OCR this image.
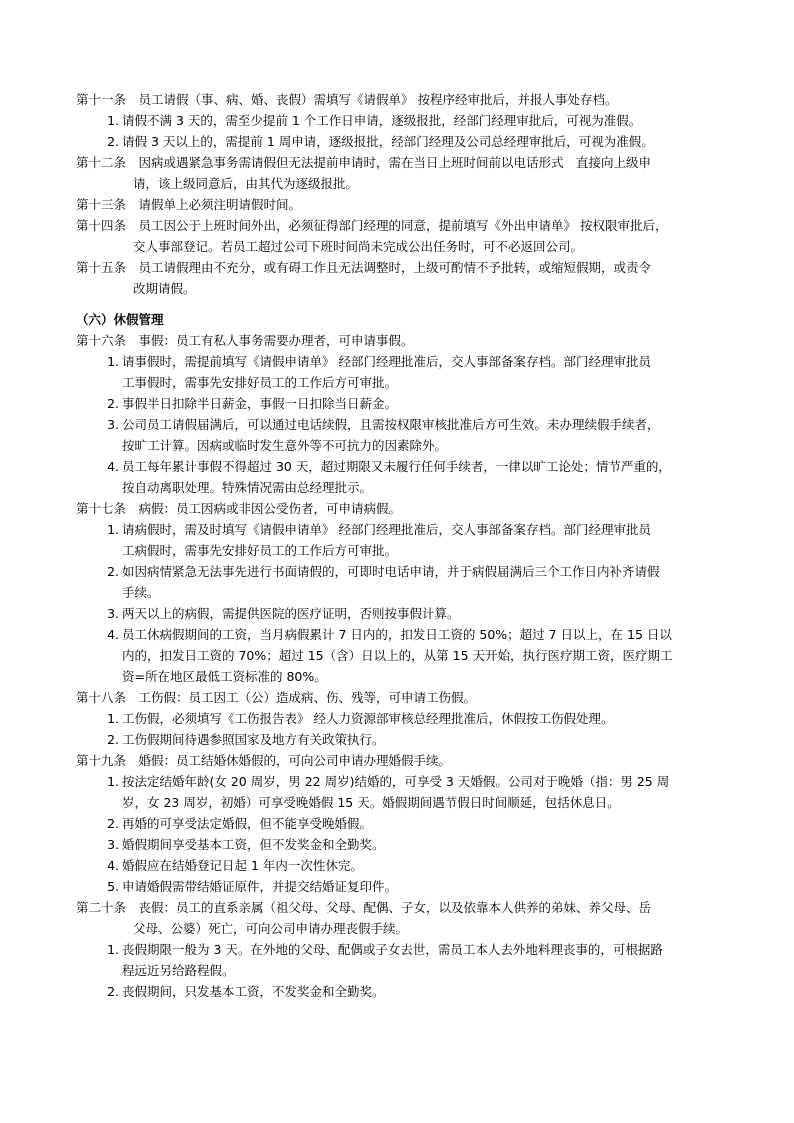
第十一条　员工请假（事、病、婚、丧假）需填写《请假单》 按程序经审批后，并报人事处存档。
1. 请假不满 3 天的，需至少提前 1 个工作日申请，逐级报批，经部门经理审批后，可视为准假。
2. 请假 3 天以上的，需提前 1 周申请，逐级报批，经部门经理及公司总经理审批后，可视为准假。
第十二条　因病或遇紧急事务需请假但无法提前申请时，需在当日上班时间前以电话形式　直接向上级申
请，该上级同意后，由其代为逐级报批。
第十三条　请假单上必须注明请假时间。
第十四条　员工因公于上班时间外出，必须征得部门经理的同意，提前填写《外出申请单》 按权限审批后，
交人事部登记。若员工超过公司下班时间尚未完成公出任务时，可不必返回公司。
第十五条　员工请假理由不充分，或有碍工作且无法调整时，上级可酌情不予批转，或缩短假期，或责令
改期请假。
（六）休假管理
第十六条　事假：员工有私人事务需要办理者，可申请事假。
1. 请事假时，需提前填写《请假申请单》 经部门经理批准后，交人事部备案存档。部门经理审批员
工事假时，需事先安排好员工的工作后方可审批。
2. 事假半日扣除半日薪金，事假一日扣除当日薪金。
3. 公司员工请假届满后，可以通过电话续假，且需按权限审核批准后方可生效。未办理续假手续者，
按旷工计算。因病或临时发生意外等不可抗力的因素除外。
4. 员工每年累计事假不得超过 30 天，超过期限又未履行任何手续者，一律以旷工论处；情节严重的，
按自动离职处理。特殊情况需由总经理批示。
第十七条　病假：员工因病或非因公受伤者，可申请病假。
1. 请病假时，需及时填写《请假申请单》 经部门经理批准后，交人事部备案存档。部门经理审批员
工病假时，需事先安排好员工的工作后方可审批。
2. 如因病情紧急无法事先进行书面请假的，可即时电话申请，并于病假届满后三个工作日内补齐请假
手续。
3. 两天以上的病假，需提供医院的医疗证明，否则按事假计算。
4. 员工休病假期间的工资，当月病假累计 7 日内的，扣发日工资的 50%；超过 7 日以上，在 15 日以
内的，扣发日工资的 70%；超过 15（含）日以上的，从第 15 天开始，执行医疗期工资，医疗期工
资=所在地区最低工资标准的 80%。
第十八条　工伤假：员工因工（公）造成病、伤、残等，可申请工伤假。
1. 工伤假，必须填写《工伤报告表》 经人力资源部审核总经理批准后，休假按工伤假处理。
2. 工伤假期间待遇参照国家及地方有关政策执行。
第十九条　婚假：员工结婚休婚假的，可向公司申请办理婚假手续。
1. 按法定结婚年龄(女 20 周岁，男 22 周岁)结婚的，可享受 3 天婚假。公司对于晚婚（指：男 25 周
岁，女 23 周岁，初婚）可享受晚婚假 15 天。婚假期间遇节假日时间顺延，包括休息日。
2. 再婚的可享受法定婚假，但不能享受晚婚假。
3. 婚假期间享受基本工资，但不发奖金和全勤奖。
4. 婚假应在结婚登记日起 1 年内一次性休完。
5. 申请婚假需带结婚证原件，并提交结婚证复印件。
第二十条　丧假：员工的直系亲属（祖父母、父母、配偶、子女，以及依靠本人供养的弟妹、养父母、岳
父母、公婆）死亡，可向公司申请办理丧假手续。
1. 丧假期限一般为 3 天。在外地的父母、配偶或子女去世，需员工本人去外地料理丧事的，可根据路
程远近另给路程假。
2. 丧假期间，只发基本工资，不发奖金和全勤奖。
